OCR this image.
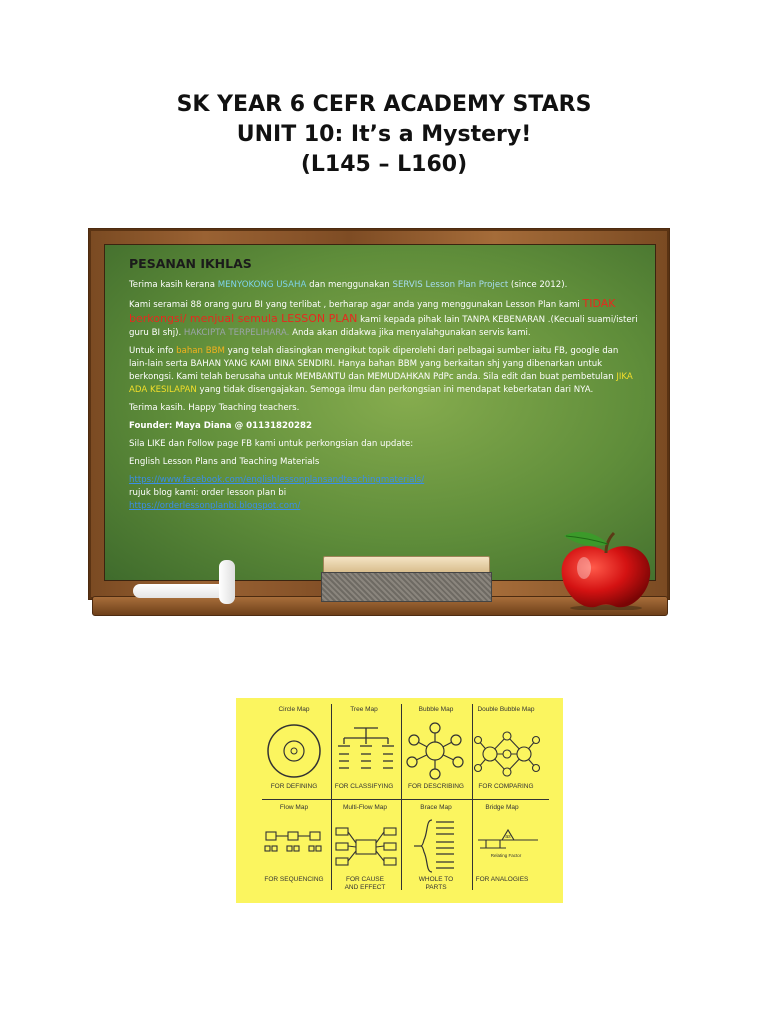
SK YEAR 6 CEFR ACADEMY STARS
UNIT 10: It’s a Mystery!
(L145 – L160)

PESANAN IKHLAS

Terima kasih kerana MENYOKONG USAHA dan menggunakan SERVIS Lesson Plan Project (since 2012).

Kami seramai 88 orang guru BI yang terlibat , berharap agar anda yang menggunakan Lesson Plan kami TIDAK
berkongsi/ menjual semula LESSON PLAN kami kepada pihak lain TANPA KEBENARAN .(Kecuali suami/isteri guru BI shj). HAKCIPTA TERPELIHARA. Anda akan didakwa jika menyalahgunakan servis kami.

Untuk info bahan BBM yang telah diasingkan mengikut topik diperolehi dari pelbagai sumber iaitu FB, google dan lain-lain serta BAHAN YANG KAMI BINA SENDIRI. Hanya bahan BBM yang berkaitan shj yang dibenarkan untuk berkongsi. Kami telah berusaha untuk MEMBANTU dan MEMUDAHKAN PdPc anda. Sila edit dan buat pembetulan JIKA ADA KESILAPAN yang tidak disengajakan. Semoga ilmu dan perkongsian ini mendapat keberkatan dari NYA.

Terima kasih. Happy Teaching teachers.

Founder: Maya Diana @ 01131820282

Sila LIKE dan Follow page FB kami untuk perkongsian dan update:

English Lesson Plans and Teaching Materials

https://www.facebook.com/englishlessonplansandteachingmaterials/
rujuk blog kami: order lesson plan bi
https://orderlessonplanbi.blogspot.com/
Circle Map	Tree Map	Bubble Map	Double Bubble Map
FOR DEFINING	FOR CLASSIFYING	FOR DESCRIBING	FOR COMPARING
Flow Map	Multi-Flow Map	Brace Map	Bridge Map
FOR SEQUENCING	FOR CAUSE AND EFFECT
WHOLE TO PARTS
FOR ANALOGIES
as
Relating Factor
